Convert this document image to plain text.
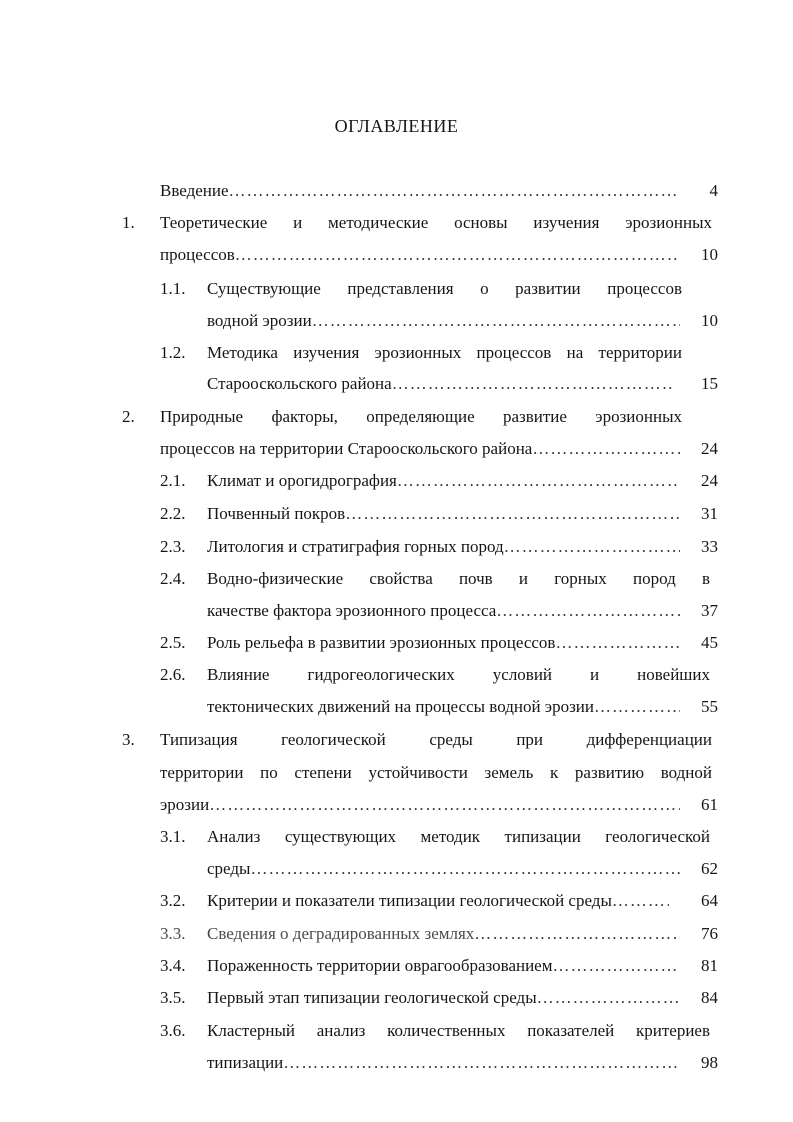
ОГЛАВЛЕНИЕ
Введение …………………………………………………………………………………………………………………………………………	4
1. Теоретические и методические основы изучения эрозионных
процессов …………………………………………………………………………………………………………………………………………	10
1.1. Существующие представления о развитии процессов
водной эрозии …………………………………………………………………………………………………………………………………………	10
1.2. Методика изучения эрозионных процессов на территории
Старооскольского района …………………………………………………………………………………………………………………………………………	15
2. Природные факторы, определяющие развитие эрозионных
процессов на территории Старооскольского района …………………………………………………………………………………………………………………………………………	24
2.1. Климат и орогидрография …………………………………………………………………………………………………………………………………………	24
2.2. Почвенный покров …………………………………………………………………………………………………………………………………………	31
2.3. Литология и стратиграфия горных пород …………………………………………………………………………………………………………………………………………	33
2.4. Водно-физические свойства почв и горных пород в
качестве фактора эрозионного процесса …………………………………………………………………………………………………………………………………………	37
2.5. Роль рельефа в развитии эрозионных процессов …………………………………………………………………………………………………………………………………………	45
2.6. Влияние гидрогеологических условий и новейших
тектонических движений на процессы водной эрозии …………………………………………………………………………………………………………………………………………	55
3. Типизация геологической среды при дифференциации
территории по степени устойчивости земель к развитию водной
эрозии …………………………………………………………………………………………………………………………………………	61
3.1. Анализ существующих методик типизации геологической
среды …………………………………………………………………………………………………………………………………………	62
3.2. Критерии и показатели типизации геологической среды …………………………………………………………………………………………………………………………………………	64
3.3. Сведения о деградированных землях …………………………………………………………………………………………………………………………………………	76
3.4. Пораженность территории оврагообразованием …………………………………………………………………………………………………………………………………………	81
3.5. Первый этап типизации геологической среды …………………………………………………………………………………………………………………………………………	84
3.6. Кластерный анализ количественных показателей критериев
типизации …………………………………………………………………………………………………………………………………………	98
